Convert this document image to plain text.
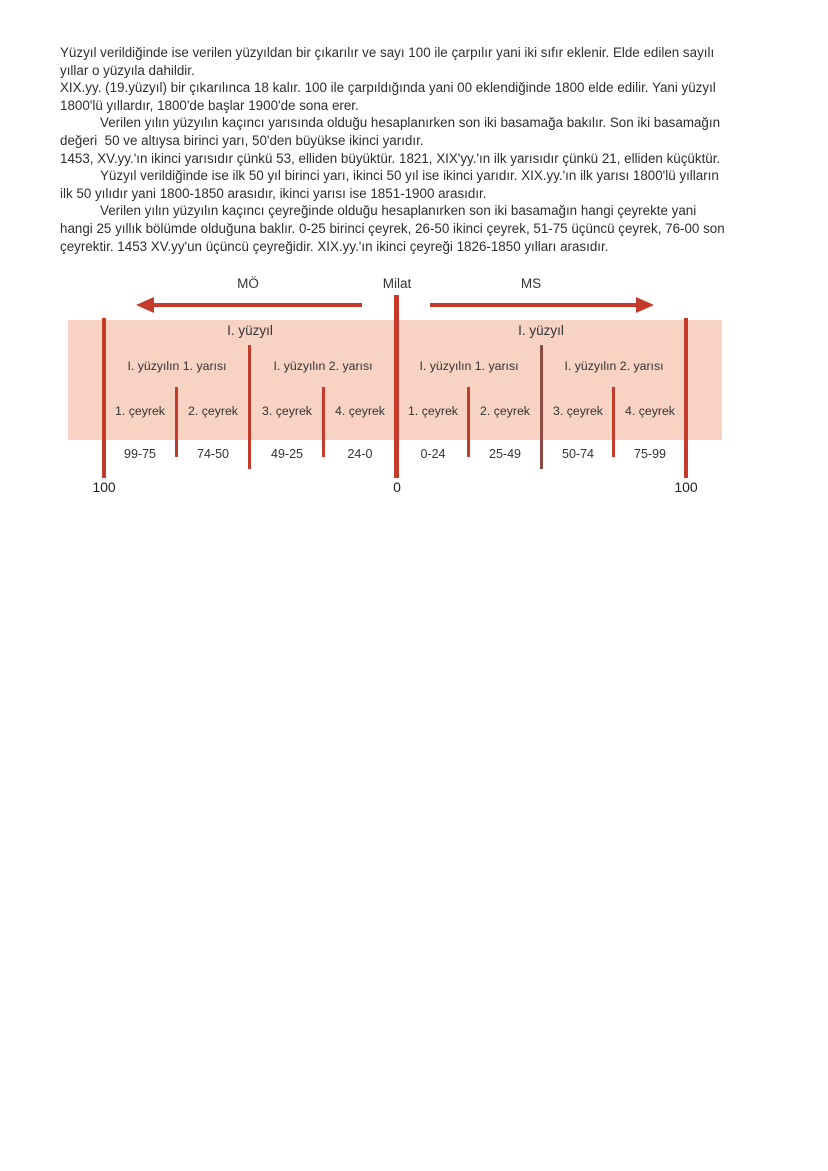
Yüzyıl verildiğinde ise verilen yüzyıldan bir çıkarılır ve sayı 100 ile çarpılır yani iki sıfır eklenir. Elde edilen sayılı
yıllar o yüzyıla dahildir.
XIX.yy. (19.yüzyıl) bir çıkarılınca 18 kalır. 100 ile çarpıldığında yani 00 eklendiğinde 1800 elde edilir. Yani yüzyıl
1800'lü yıllardır, 1800'de başlar 1900'de sona erer.
Verilen yılın yüzyılın kaçıncı yarısında olduğu hesaplanırken son iki basamağa bakılır. Son iki basamağın
değeri  50 ve altıysa birinci yarı, 50'den büyükse ikinci yarıdır.
1453, XV.yy.'ın ikinci yarısıdır çünkü 53, elliden büyüktür. 1821, XIX'yy.'ın ilk yarısıdır çünkü 21, elliden küçüktür.
Yüzyıl verildiğinde ise ilk 50 yıl birinci yarı, ikinci 50 yıl ise ikinci yarıdır. XIX.yy.'ın ilk yarısı 1800'lü yılların
ilk 50 yılıdır yani 1800-1850 arasıdır, ikinci yarısı ise 1851-1900 arasıdır.
Verilen yılın yüzyılın kaçıncı çeyreğinde olduğu hesaplanırken son iki basamağın hangi çeyrekte yani
hangi 25 yıllık bölümde olduğuna baklır. 0-25 birinci çeyrek, 26-50 ikinci çeyrek, 51-75 üçüncü çeyrek, 76-00 son
çeyrektir. 1453 XV.yy'un üçüncü çeyreğidir. XIX.yy.'ın ikinci çeyreği 1826-1850 yılları arasıdır.
MÖ	Milat	MS
I. yüzyıl	I. yüzyıl
I. yüzyılın 1. yarısı	I. yüzyılın 2. yarısı	I. yüzyılın 1. yarısı	I. yüzyılın 2. yarısı
1. çeyrek	2. çeyrek	3. çeyrek	4. çeyrek	1. çeyrek	2. çeyrek	3. çeyrek	4. çeyrek
99-75	74-50	49-25	24-0	0-24	25-49	50-74	75-99
100	0	100
